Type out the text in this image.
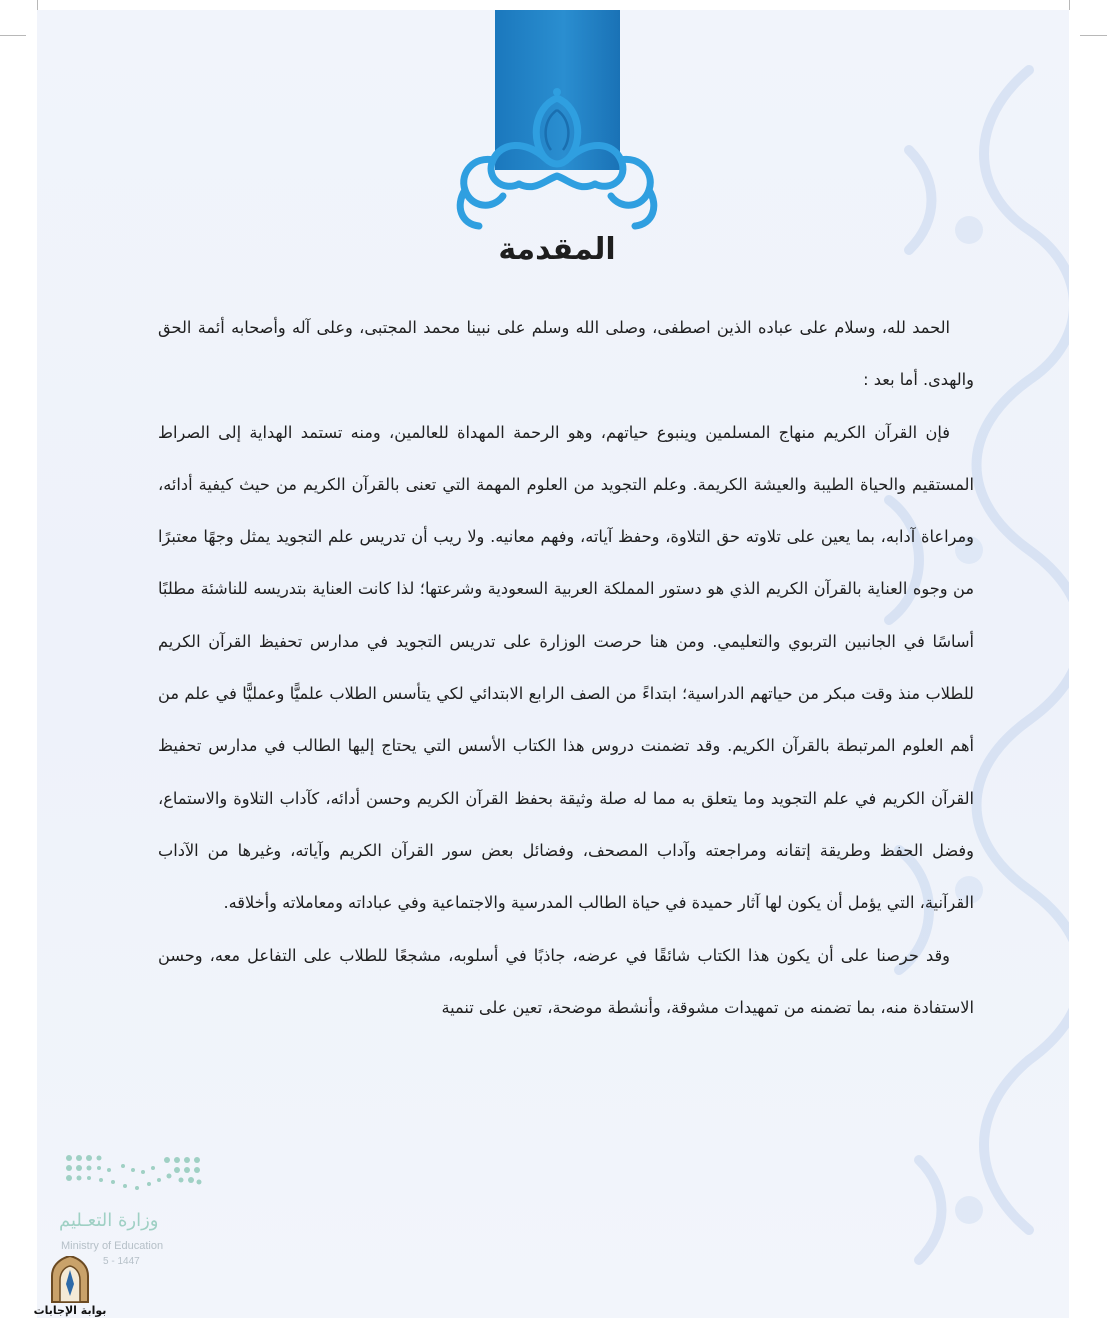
المقدمة

الحمد لله، وسلام على عباده الذين اصطفى، وصلى الله وسلم على نبينا محمد المجتبى، وعلى آله وأصحابه أئمة الحق والهدى. أما بعد :

فإن القرآن الكريم منهاج المسلمين وينبوع حياتهم، وهو الرحمة المهداة للعالمين، ومنه تستمد الهداية إلى الصراط المستقيم والحياة الطيبة والعيشة الكريمة. وعلم التجويد من العلوم المهمة التي تعنى بالقرآن الكريم من حيث كيفية أدائه، ومراعاة آدابه، بما يعين على تلاوته حق التلاوة، وحفظ آياته، وفهم معانيه. ولا ريب أن تدريس علم التجويد يمثل وجهًا معتبرًا من وجوه العناية بالقرآن الكريم الذي هو دستور المملكة العربية السعودية وشرعتها؛ لذا كانت العناية بتدريسه للناشئة مطلبًا أساسًا في الجانبين التربوي والتعليمي. ومن هنا حرصت الوزارة على تدريس التجويد في مدارس تحفيظ القرآن الكريم للطلاب منذ وقت مبكر من حياتهم الدراسية؛ ابتداءً من الصف الرابع الابتدائي لكي يتأسس الطلاب علميًّا وعمليًّا في علم من أهم العلوم المرتبطة بالقرآن الكريم. وقد تضمنت دروس هذا الكتاب الأسس التي يحتاج إليها الطالب في مدارس تحفيظ القرآن الكريم في علم التجويد وما يتعلق به مما له صلة وثيقة بحفظ القرآن الكريم وحسن أدائه، كآداب التلاوة والاستماع، وفضل الحفظ وطريقة إتقانه ومراجعته وآداب المصحف، وفضائل بعض سور القرآن الكريم وآياته، وغيرها من الآداب القرآنية، التي يؤمل أن يكون لها آثار حميدة في حياة الطالب المدرسية والاجتماعية وفي عباداته ومعاملاته وأخلاقه.

وقد حرصنا على أن يكون هذا الكتاب شائقًا في عرضه، جاذبًا في أسلوبه، مشجعًا للطلاب على التفاعل معه، وحسن الاستفادة منه، بما تضمنه من تمهيدات مشوقة، وأنشطة موضحة، تعين على تنمية

وزارة التعـليم
Ministry of Education
5 - 1447
بوابة الإجابات
